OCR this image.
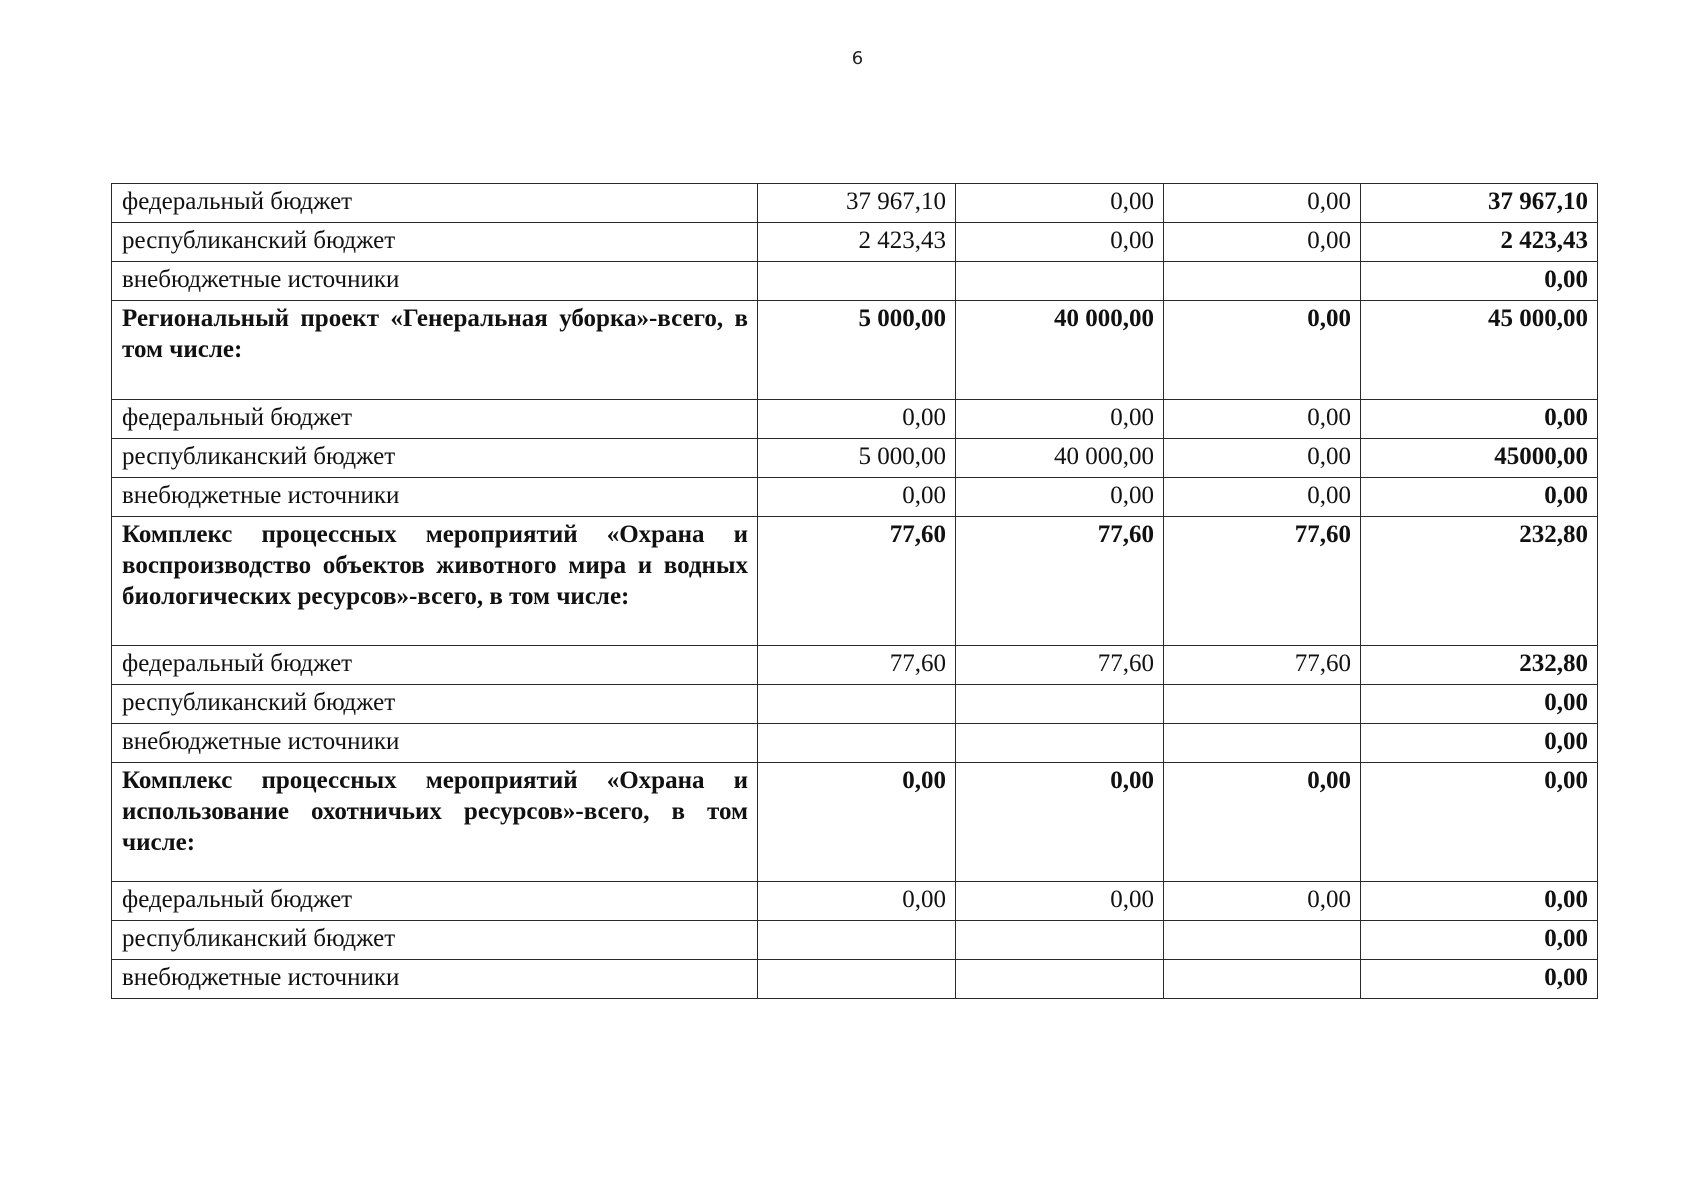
6
федеральный бюджет	37 967,10	0,00	0,00	37 967,10
республиканский бюджет	2 423,43	0,00	0,00	2 423,43
внебюджетные источники				0,00
Региональный проект «Генеральная уборка»-всего, в том числе:	5 000,00	40 000,00	0,00	45 000,00
федеральный бюджет	0,00	0,00	0,00	0,00
республиканский бюджет	5 000,00	40 000,00	0,00	45000,00
внебюджетные источники	0,00	0,00	0,00	0,00
Комплекс процессных мероприятий «Охрана и воспроизводство объектов животного мира и водных биологических ресурсов»-всего, в том числе:	77,60	77,60	77,60	232,80
федеральный бюджет	77,60	77,60	77,60	232,80
республиканский бюджет				0,00
внебюджетные источники				0,00
Комплекс процессных мероприятий «Охрана и использование охотничьих ресурсов»-всего, в том числе:	0,00	0,00	0,00	0,00
федеральный бюджет	0,00	0,00	0,00	0,00
республиканский бюджет				0,00
внебюджетные источники				0,00
